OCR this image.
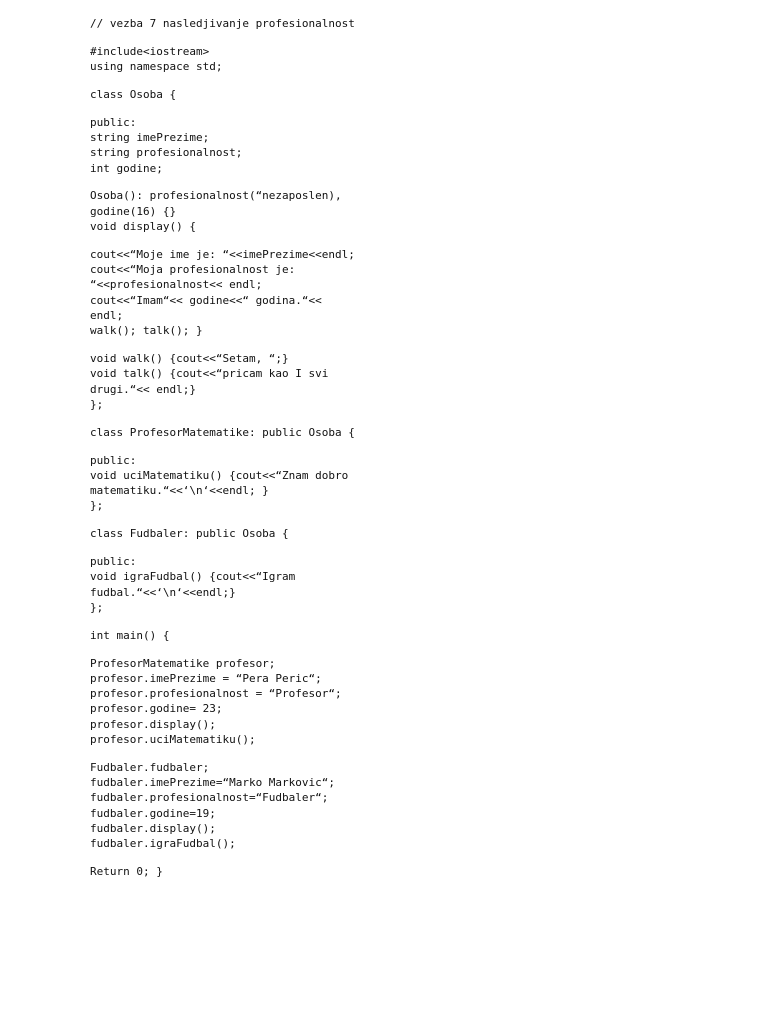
// vezba 7 nasledjivanje profesionalnost
#include<iostream>
using namespace std;
class Osoba {
public:
string imePrezime;
string profesionalnost;
int godine;
Osoba(): profesionalnost(“nezaposlen),
godine(16) {}
void display() {
cout<<“Moje ime je: “<<imePrezime<<endl;
cout<<“Moja profesionalnost je:
“<<profesionalnost<< endl;
cout<<“Imam“<< godine<<“ godina.“<<
endl;
walk(); talk(); }
void walk() {cout<<“Setam, “;}
void talk() {cout<<“pricam kao I svi
drugi.“<< endl;}
};
class ProfesorMatematike: public Osoba {
public:
void uciMatematiku() {cout<<“Znam dobro
matematiku.“<<‘\n‘<<endl; }
};
class Fudbaler: public Osoba {
public:
void igraFudbal() {cout<<“Igram
fudbal.“<<‘\n‘<<endl;}
};
int main() {
ProfesorMatematike profesor;
profesor.imePrezime = “Pera Peric“;
profesor.profesionalnost = “Profesor“;
profesor.godine= 23;
profesor.display();
profesor.uciMatematiku();
Fudbaler.fudbaler;
fudbaler.imePrezime=“Marko Markovic“;
fudbaler.profesionalnost=“Fudbaler“;
fudbaler.godine=19;
fudbaler.display();
fudbaler.igraFudbal();
Return 0; }
